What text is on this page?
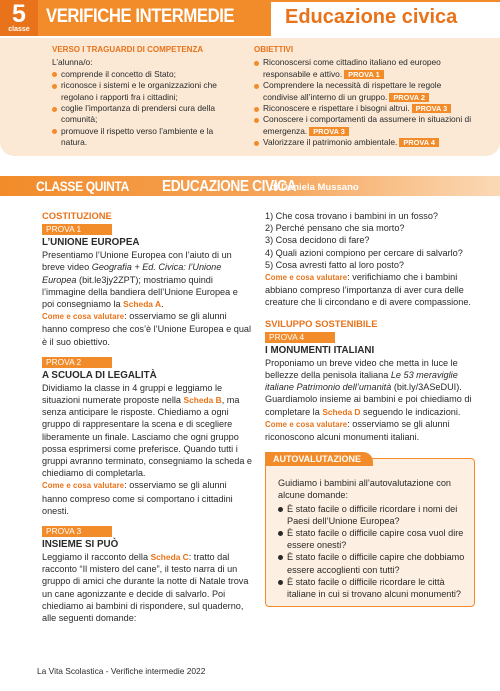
5
classe
VERIFICHE INTERMEDIE	Educazione civica
VERSO I TRAGUARDI DI COMPETENZA
L’alunna/o:
comprende il concetto di Stato;
riconosce i sistemi e le organizzazioni che regolano i rapporti fra i cittadini;
coglie l’importanza di prendersi cura della comunità;
promuove il rispetto verso l’ambiente e la natura.
OBIETTIVI
Riconoscersi come cittadino italiano ed europeo responsabile e attivo. PROVA 1
Comprendere la necessità di rispettare le regole condivise all’interno di un gruppo. PROVA 2
Riconoscere e rispettare i bisogni altrui. PROVA 3
Conoscere i comportamenti da assumere in situazioni di emergenza. PROVA 3
Valorizzare il patrimonio ambientale. PROVA 4
CLASSE QUINTA EDUCAZIONE CIVICA
di Daniela Mussano
COSTITUZIONE
PROVA 1
L’UNIONE EUROPEA

Presentiamo l’Unione Europea con l’aiuto di un breve video Geografia + Ed. Civica: l’Unione Europea (bit.le3jy2ZPT); mostriamo quindi l’immagine della bandiera dell’Unione Europea e poi consegniamo la Scheda A.

Come e cosa valutare: osserviamo se gli alunni hanno compreso che cos’è l’Unione Europea e qual è il suo obiettivo.

PROVA 2
A SCUOLA DI LEGALITÀ

Dividiamo la classe in 4 gruppi e leggiamo le situazioni numerate proposte nella Scheda B, ma senza anticipare le risposte. Chiediamo a ogni gruppo di rappresentare la scena e di scegliere liberamente un finale. Lasciamo che ogni gruppo possa esprimersi come preferisce. Quando tutti i gruppi avranno terminato, consegniamo la scheda e chiediamo di completarla.

Come e cosa valutare: osserviamo se gli alunni hanno compreso come si comportano i cittadini onesti.

PROVA 3
INSIEME SI PUÒ

Leggiamo il racconto della Scheda C: tratto dal racconto “Il mistero del cane”, il testo narra di un gruppo di amici che durante la notte di Natale trova un cane agonizzante e decide di salvarlo. Poi chiediamo ai bambini di rispondere, sul quaderno, alle seguenti domande:

1) Che cosa trovano i bambini in un fosso?
2) Perché pensano che sia morto?
3) Cosa decidono di fare?
4) Quali azioni compiono per cercare di salvarlo?
5) Cosa avresti fatto al loro posto?

Come e cosa valutare: verifichiamo che i bambini abbiano compreso l’importanza di aver cura delle creature che li circondano e di avere compassione.

SVILUPPO SOSTENIBILE
PROVA 4
I MONUMENTI ITALIANI

Proponiamo un breve video che metta in luce le bellezze della penisola italiana Le 53 meraviglie italiane Patrimonio dell’umanità (bit.ly/3ASeDUI). Guardiamolo insieme ai bambini e poi chiediamo di completare la Scheda D seguendo le indicazioni.

Come e cosa valutare: osserviamo se gli alunni riconoscono alcuni monumenti italiani.

AUTOVALUTAZIONE

Guidiamo i bambini all’autovalutazione con alcune domande:

È stato facile o difficile ricordare i nomi dei Paesi dell’Unione Europea?
È stato facile o difficile capire cosa vuol dire essere onesti?
È stato facile o difficile capire che dobbiamo essere accoglienti con tutti?
È stato facile o difficile ricordare le città italiane in cui si trovano alcuni monumenti?
La Vita Scolastica - Verifiche intermedie 2022
